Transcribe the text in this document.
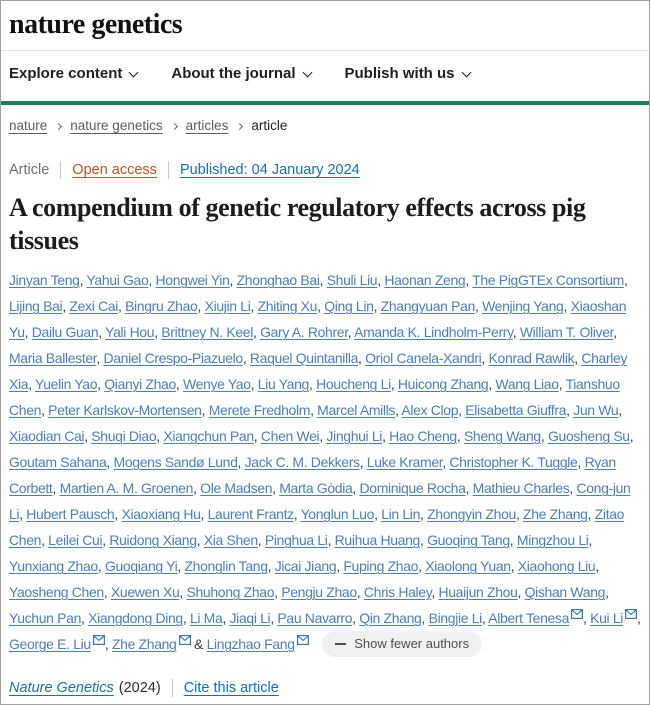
nature genetics
Explore content	About the journal	Publish with us
nature nature genetics articles article
Article Open access Published: 04 January 2024
A compendium of genetic regulatory effects across pig tissues

Jinyan Teng, Yahui Gao, Hongwei Yin, Zhonghao Bai, Shuli Liu, Haonan Zeng, The PigGTEx Consortium, Lijing Bai, Zexi Cai, Bingru Zhao, Xiujin Li, Zhiting Xu, Qing Lin, Zhangyuan Pan, Wenjing Yang, Xiaoshan Yu, Dailu Guan, Yali Hou, Brittney N. Keel, Gary A. Rohrer, Amanda K. Lindholm-Perry, William T. Oliver, Maria Ballester, Daniel Crespo-Piazuelo, Raquel Quintanilla, Oriol Canela-Xandri, Konrad Rawlik, Charley Xia, Yuelin Yao, Qianyi Zhao, Wenye Yao, Liu Yang, Houcheng Li, Huicong Zhang, Wang Liao, Tianshuo Chen, Peter Karlskov-Mortensen, Merete Fredholm, Marcel Amills, Alex Clop, Elisabetta Giuffra, Jun Wu, Xiaodian Cai, Shuqi Diao, Xiangchun Pan, Chen Wei, Jinghui Li, Hao Cheng, Sheng Wang, Guosheng Su, Goutam Sahana, Mogens Sandø Lund, Jack C. M. Dekkers, Luke Kramer, Christopher K. Tuggle, Ryan Corbett, Martien A. M. Groenen, Ole Madsen, Marta Gòdia, Dominique Rocha, Mathieu Charles, Cong-jun Li, Hubert Pausch, Xiaoxiang Hu, Laurent Frantz, Yonglun Luo, Lin Lin, Zhongyin Zhou, Zhe Zhang, Zitao Chen, Leilei Cui, Ruidong Xiang, Xia Shen, Pinghua Li, Ruihua Huang, Guoqing Tang, Mingzhou Li, Yunxiang Zhao, Guoqiang Yi, Zhonglin Tang, Jicai Jiang, Fuping Zhao, Xiaolong Yuan, Xiaohong Liu, Yaosheng Chen, Xuewen Xu, Shuhong Zhao, Pengju Zhao, Chris Haley, Huaijun Zhou, Qishan Wang, Yuchun Pan, Xiangdong Ding, Li Ma, Jiaqi Li, Pau Navarro, Qin Zhang, Bingjie Li, Albert Tenesa , Kui Li , George E. Liu , Zhe Zhang & Lingzhao Fang	Show fewer authors

Nature Genetics (2024) Cite this article
